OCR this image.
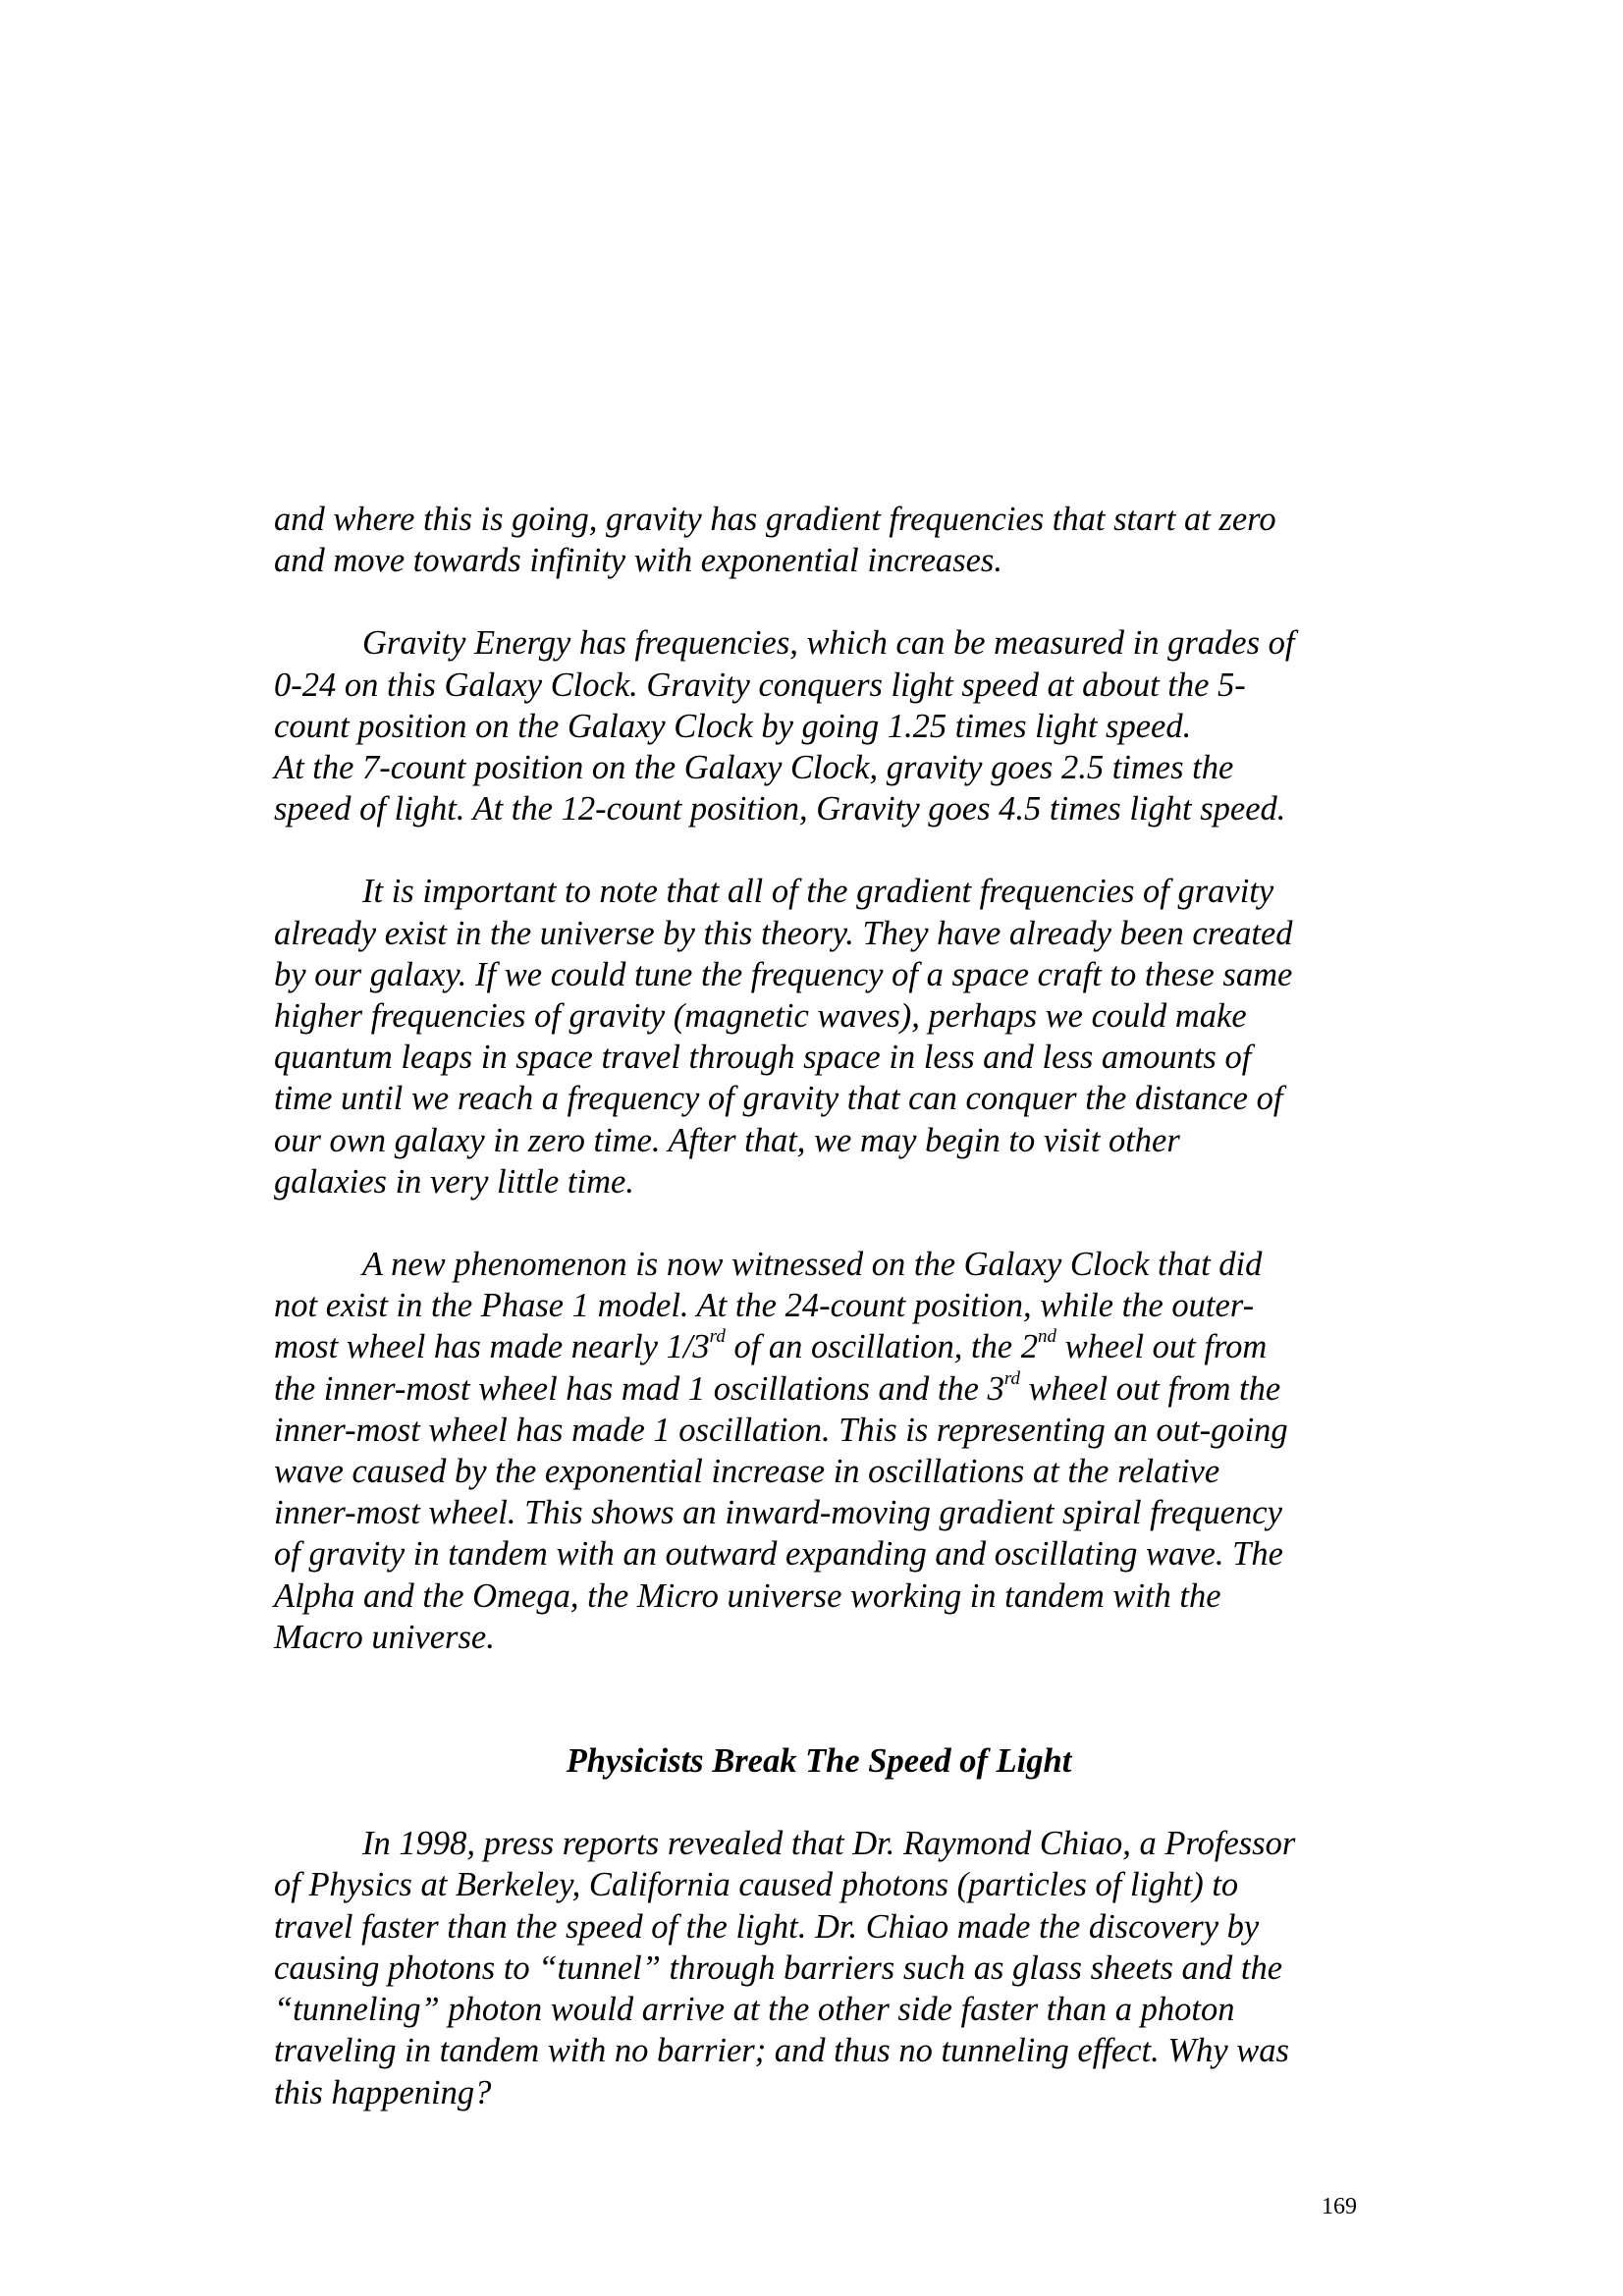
and where this is going, gravity has gradient frequencies that start at zero
and move towards infinity with exponential increases.

Gravity Energy has frequencies, which can be measured in grades of
0-24 on this Galaxy Clock. Gravity conquers light speed at about the 5-
count position on the Galaxy Clock by going 1.25 times light speed.
At the 7-count position on the Galaxy Clock, gravity goes 2.5 times the
speed of light. At the 12-count position, Gravity goes 4.5 times light speed.

It is important to note that all of the gradient frequencies of gravity
already exist in the universe by this theory. They have already been created
by our galaxy. If we could tune the frequency of a space craft to these same
higher frequencies of gravity (magnetic waves), perhaps we could make
quantum leaps in space travel through space in less and less amounts of
time until we reach a frequency of gravity that can conquer the distance of
our own galaxy in zero time. After that, we may begin to visit other
galaxies in very little time.

A new phenomenon is now witnessed on the Galaxy Clock that did
not exist in the Phase 1 model. At the 24-count position, while the outer-
most wheel has made nearly 1/3rd of an oscillation, the 2nd wheel out from
the inner-most wheel has mad 1 oscillations and the 3rd wheel out from the
inner-most wheel has made 1 oscillation. This is representing an out-going
wave caused by the exponential increase in oscillations at the relative
inner-most wheel. This shows an inward-moving gradient spiral frequency
of gravity in tandem with an outward expanding and oscillating wave. The
Alpha and the Omega, the Micro universe working in tandem with the
Macro universe.

Physicists Break The Speed of Light

In 1998, press reports revealed that Dr. Raymond Chiao, a Professor
of Physics at Berkeley, California caused photons (particles of light) to
travel faster than the speed of the light. Dr. Chiao made the discovery by
causing photons to “tunnel” through barriers such as glass sheets and the
“tunneling” photon would arrive at the other side faster than a photon
traveling in tandem with no barrier; and thus no tunneling effect. Why was
this happening?

169
